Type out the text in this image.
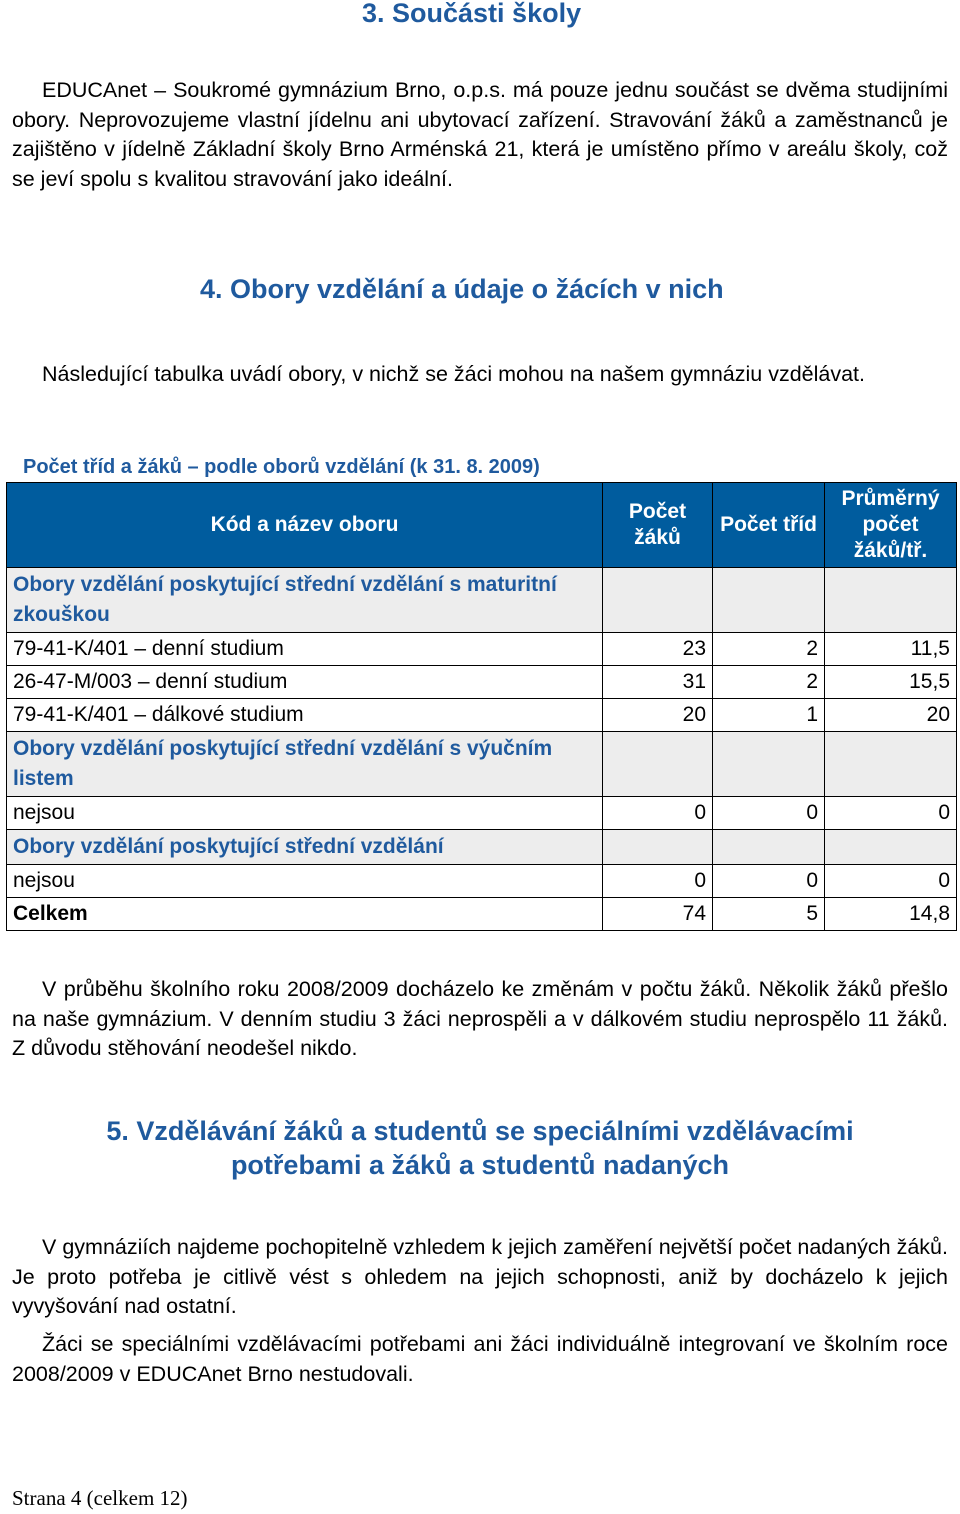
3. Součásti školy

EDUCAnet – Soukromé gymnázium Brno, o.p.s. má pouze jednu součást se dvěma studijními obory. Neprovozujeme vlastní jídelnu ani ubytovací zařízení. Stravování žáků a zaměstnanců je zajištěno v jídelně Základní školy Brno Arménská 21, která je umístěno přímo v areálu školy, což se jeví spolu s kvalitou stravování jako ideální.

4. Obory vzdělání a údaje o žácích v nich

Následující tabulka uvádí obory, v nichž se žáci mohou na našem gymnáziu vzdělávat.

Počet tříd a žáků – podle oborů vzdělání (k 31. 8. 2009)

Kód a název oboru	Počet žáků	Počet tříd	Průměrný počet žáků/tř.
Obory vzdělání poskytující střední vzdělání s maturitní zkouškou			
79-41-K/401 – denní studium	23	2	11,5
26-47-M/003 – denní studium	31	2	15,5
79-41-K/401 – dálkové studium	20	1	20
Obory vzdělání poskytující střední vzdělání s výučním listem			
nejsou	0	0	0
Obory vzdělání poskytující střední vzdělání			
nejsou	0	0	0
Celkem	74	5	14,8

V průběhu školního roku 2008/2009 docházelo ke změnám v počtu žáků. Několik žáků přešlo na naše gymnázium. V denním studiu 3 žáci neprospěli a v dálkovém studiu neprospělo 11 žáků. Z důvodu stěhování neodešel nikdo.

5. Vzdělávání žáků a studentů se speciálními vzdělávacími
potřebami a žáků a studentů nadaných

V gymnáziích najdeme pochopitelně vzhledem k jejich zaměření největší počet nadaných žáků. Je proto potřeba je citlivě vést s ohledem na jejich schopnosti, aniž by docházelo k jejich vyvyšování nad ostatní.

Žáci se speciálními vzdělávacími potřebami ani žáci individuálně integrovaní ve školním roce 2008/2009 v EDUCAnet Brno nestudovali.

Strana 4 (celkem 12)
